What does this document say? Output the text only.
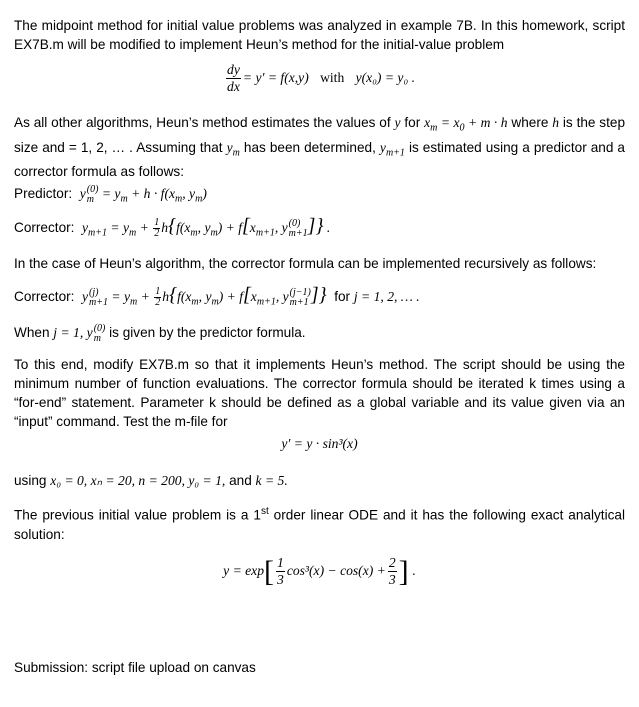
The midpoint method for initial value problems was analyzed in example 7B. In this homework, script EX7B.m will be modified to implement Heun’s method for the initial-value problem

$\frac{dy}{dx} = y' = f(x,y)$ with y(x₀) = y₀ .

As all other algorithms, Heun’s method estimates the values of y for $x_m = x_0 + m \cdot h$ where h is the step size and = 1, 2, … . Assuming that $y_m$ has been determined, $y_{m+1}$ is estimated using a predictor and a corrector formula as follows:

Predictor: y (0)
$m = y_m + h \cdot f(x_m$, $y_m$)
Corrector: $y_{m+1} = y_m + \frac{1}{2}h\{f(x_m$, $y_m) + f[x_{m+1}$, y (0)
m+1 ]} .

In the case of Heun’s algorithm, the corrector formula can be implemented recursively as follows:

Corrector: y (j)
$m+1 = y_m + \frac{1}{2}h\{f(x_m$, $y_m) + f[x_{m+1}$, y (j−1)
m+1 ]} for j = 1, 2, … .

When j = 1, y (0)
m is given by the predictor formula.

To this end, modify EX7B.m so that it implements Heun’s method. The script should be using the minimum number of function evaluations. The corrector formula should be iterated k times using a “for-end” statement. Parameter k should be defined as a global variable and its value given via an “input” command. Test the m-file for

y′ = y · sin³(x)

using x₀ = 0, xₙ = 20, n = 200, y₀ = 1, and k = 5.

The previous initial value problem is a 1st order linear ODE and it has the following exact analytical solution:

$y = \exp[ \frac{1}{3} \cos^3(x) - \cos(x) + \frac{2}{3}$ ] .

Submission: script file upload on canvas
